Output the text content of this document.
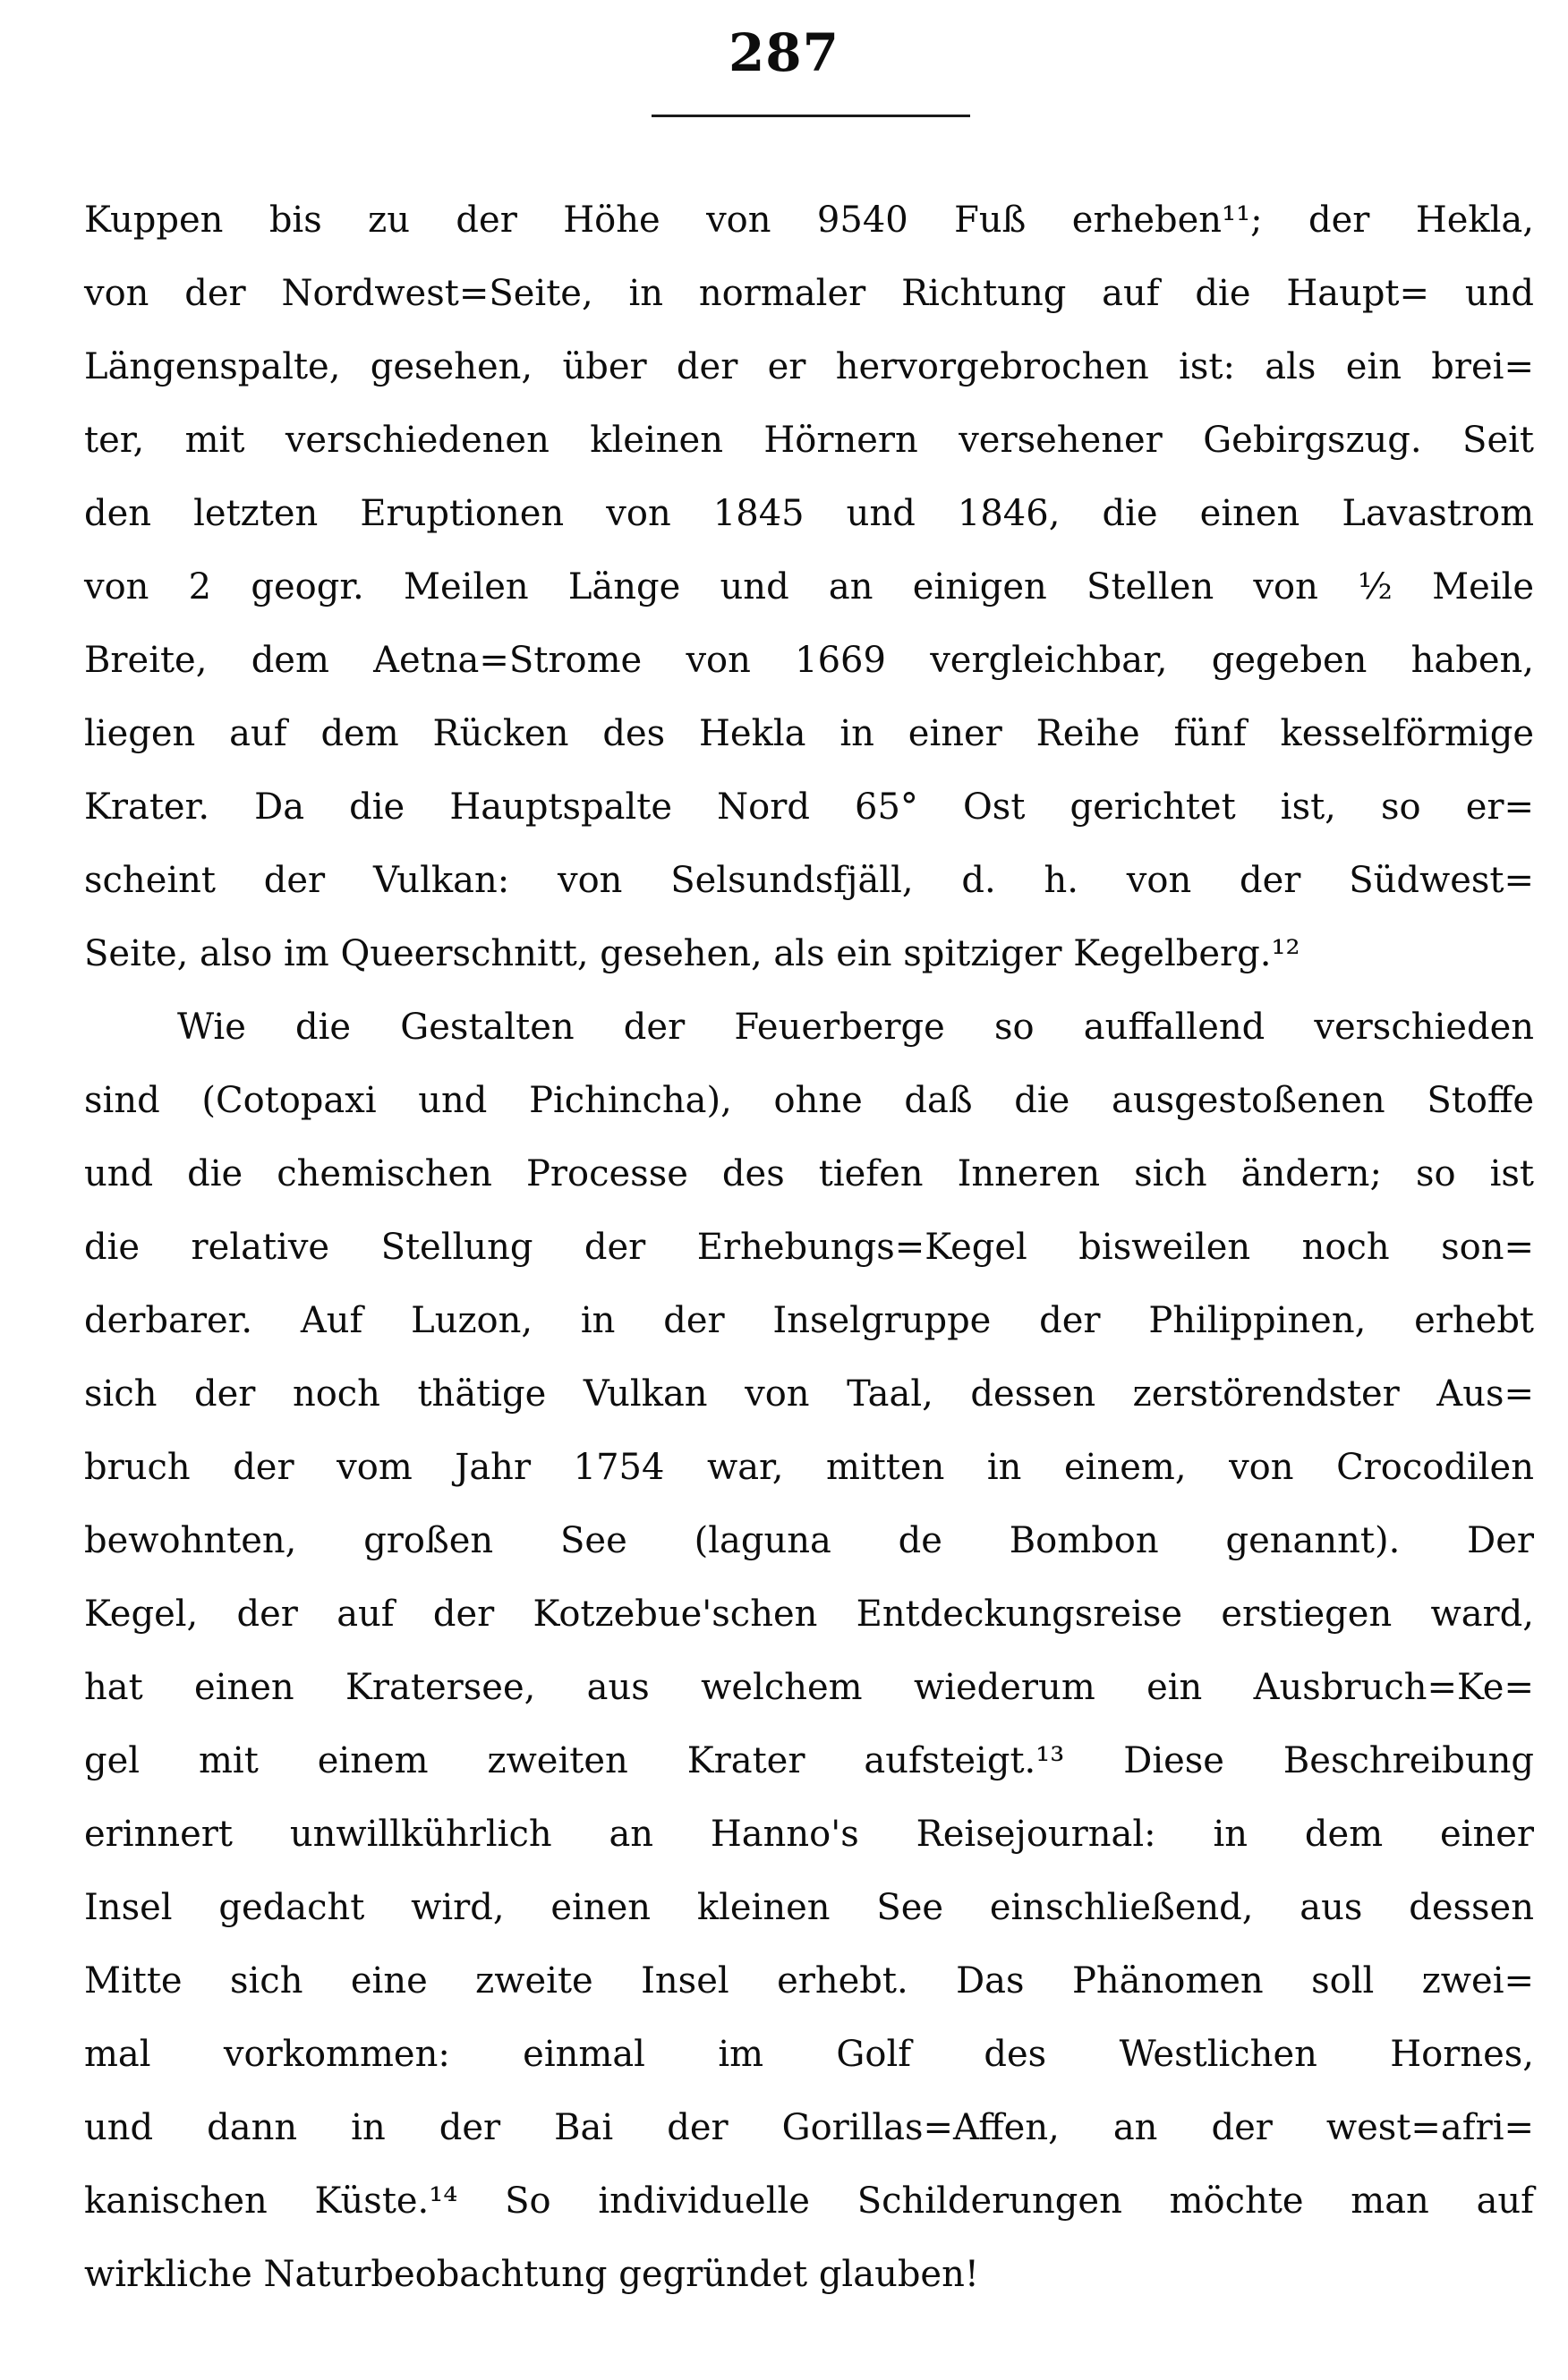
287
Kuppen bis zu der Höhe von 9540 Fuß erheben¹¹; der Hekla,
von der Nordwest=Seite, in normaler Richtung auf die Haupt= und
Längenspalte, gesehen, über der er hervorgebrochen ist: als ein brei=
ter, mit verschiedenen kleinen Hörnern versehener Gebirgszug. Seit
den letzten Eruptionen von 1845 und 1846, die einen Lavastrom
von 2 geogr. Meilen Länge und an einigen Stellen von ½ Meile
Breite, dem Aetna=Strome von 1669 vergleichbar, gegeben haben,
liegen auf dem Rücken des Hekla in einer Reihe fünf kesselförmige
Krater. Da die Hauptspalte Nord 65° Ost gerichtet ist, so er=
scheint der Vulkan: von Selsundsfjäll, d. h. von der Südwest=
Seite, also im Queerschnitt, gesehen, als ein spitziger Kegelberg.¹²
Wie die Gestalten der Feuerberge so auffallend verschieden
sind (Cotopaxi und Pichincha), ohne daß die ausgestoßenen Stoffe
und die chemischen Processe des tiefen Inneren sich ändern; so ist
die relative Stellung der Erhebungs=Kegel bisweilen noch son=
derbarer. Auf Luzon, in der Inselgruppe der Philippinen, erhebt
sich der noch thätige Vulkan von Taal, dessen zerstörendster Aus=
bruch der vom Jahr 1754 war, mitten in einem, von Crocodilen
bewohnten, großen See (laguna de Bombon genannt). Der
Kegel, der auf der Kotzebue'schen Entdeckungsreise erstiegen ward,
hat einen Kratersee, aus welchem wiederum ein Ausbruch=Ke=
gel mit einem zweiten Krater aufsteigt.¹³ Diese Beschreibung
erinnert unwillkührlich an Hanno's Reisejournal: in dem einer
Insel gedacht wird, einen kleinen See einschließend, aus dessen
Mitte sich eine zweite Insel erhebt. Das Phänomen soll zwei=
mal vorkommen: einmal im Golf des Westlichen Hornes,
und dann in der Bai der Gorillas=Affen, an der west=afri=
kanischen Küste.¹⁴ So individuelle Schilderungen möchte man auf
wirkliche Naturbeobachtung gegründet glauben!
